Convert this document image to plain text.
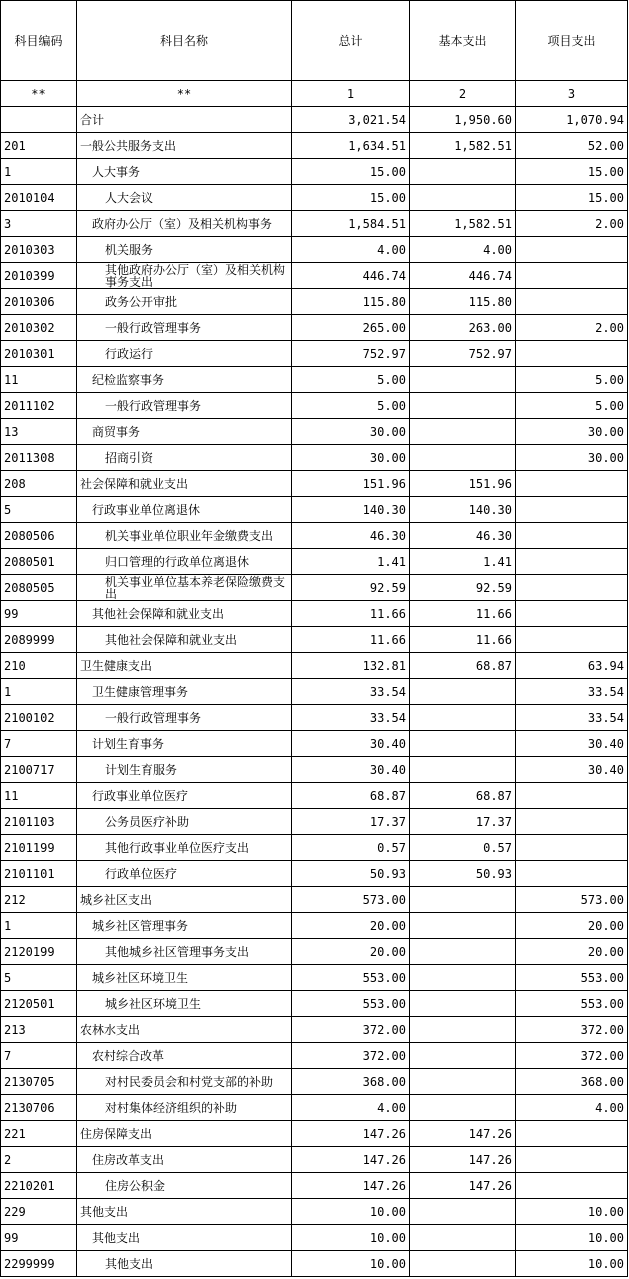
科目编码	科目名称	总计	基本支出	项目支出
**	**	1	2	3

	合计	3,021.54	1,950.60	1,070.94
201	一般公共服务支出	1,634.51	1,582.51	52.00
1	人大事务	15.00		15.00
2010104	人大会议	15.00		15.00
3	政府办公厅（室）及相关机构事务	1,584.51	1,582.51	2.00
2010303	机关服务	4.00	4.00	
2010399	其他政府办公厅（室）及相关机构事务支出	446.74	446.74	
2010306	政务公开审批	115.80	115.80	
2010302	一般行政管理事务	265.00	263.00	2.00
2010301	行政运行	752.97	752.97	
11	纪检监察事务	5.00		5.00
2011102	一般行政管理事务	5.00		5.00
13	商贸事务	30.00		30.00
2011308	招商引资	30.00		30.00
208	社会保障和就业支出	151.96	151.96	
5	行政事业单位离退休	140.30	140.30	
2080506	机关事业单位职业年金缴费支出	46.30	46.30	
2080501	归口管理的行政单位离退休	1.41	1.41	
2080505	机关事业单位基本养老保险缴费支出	92.59	92.59	
99	其他社会保障和就业支出	11.66	11.66	
2089999	其他社会保障和就业支出	11.66	11.66	
210	卫生健康支出	132.81	68.87	63.94
1	卫生健康管理事务	33.54		33.54
2100102	一般行政管理事务	33.54		33.54
7	计划生育事务	30.40		30.40
2100717	计划生育服务	30.40		30.40
11	行政事业单位医疗	68.87	68.87	
2101103	公务员医疗补助	17.37	17.37	
2101199	其他行政事业单位医疗支出	0.57	0.57	
2101101	行政单位医疗	50.93	50.93	
212	城乡社区支出	573.00		573.00
1	城乡社区管理事务	20.00		20.00
2120199	其他城乡社区管理事务支出	20.00		20.00
5	城乡社区环境卫生	553.00		553.00
2120501	城乡社区环境卫生	553.00		553.00
213	农林水支出	372.00		372.00
7	农村综合改革	372.00		372.00
2130705	对村民委员会和村党支部的补助	368.00		368.00
2130706	对村集体经济组织的补助	4.00		4.00
221	住房保障支出	147.26	147.26	
2	住房改革支出	147.26	147.26	
2210201	住房公积金	147.26	147.26	
229	其他支出	10.00		10.00
99	其他支出	10.00		10.00
2299999	其他支出	10.00		10.00
